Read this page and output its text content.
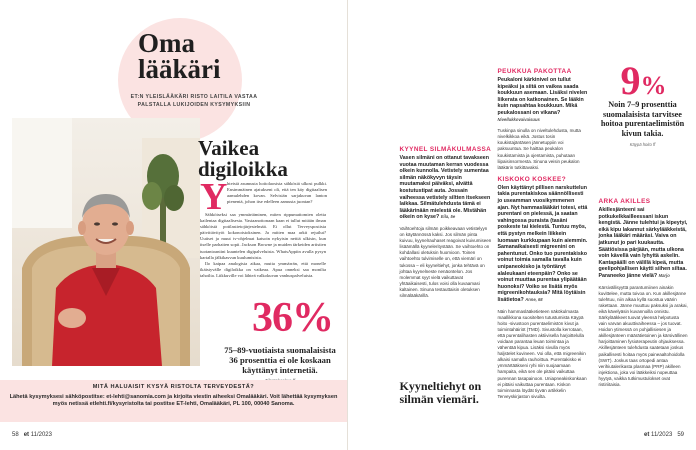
Oma
lääkäri
ET:N YLEISLÄÄKÄRI RISTO LAITILA VASTAA PALSTALLA LUKIJOIDEN KYSYMYKSIIN
Vaikea
digiloikka
Y hteistä asumusta hoitolaosista sähkösiä ulkosi pulkki. Ensimmäinen ajatukseni oli, että ten käy digitaalisen aamulehden kovan. Selvisiän sarjakuvan lanton pienentä, johon itse edelleen aamusta juontan?
Sähköiseksi saa ymmärtäminen, miten rippumattomien oletta kailentaa digitaalisesta. Vastaanottonaan kaan ei tullut mitään ilman sähköistä potilastietojärjestelmää. Ei ollut Terveyspostista päivittävityöt kokonoistoksinen. Ja mitten maa arkit rejuilut? Uutiset ja muut tv-ohjelmat katsoin nykyisin nettiä ulkisin, kun itselle parhaiten sopii. Jackson Browne ja muiden tärkeiden artistien tuotantoaniini kuuntelen digipalveluista. WhatsAppiin avulla pysyn kartalla jälkikasvun kuulumisista.
Ilo kaipaa analogisia aikaa, mutta ymmärrän, että monelle ikäistyvälle digiloikka on vaikeaa. Apua onneksi saa monilta tahoilta. Liikkuville voi lähteä valkokuvan vanhuspalveluista.
36%
75–89-vuotiaista suomalaisista 36 prosenttia ei ole koskaan käyttänyt internetiä.
MITÄ HALUAISIT KYSYÄ RISTOLTA TERVEYDESTÄ?
Lähetä kysymyksesi sähköpostitse: et-lehti@sanomia.com ja kirjoita viestin aiheeksi Omalääkäri. Voit lähettää kysymyksen myös netissä etlehti.fi/kysyristolta tai postitse ET-lehti, Omalääkäri, PL 100, 00040 Sanoma.
58 et 11/2023
PEUKKUA PAKOTTAA
Peukaloni kärkinivel on tullut kipeäksi ja siitä on vaikea saada koukkuun asemaan. Lisäksi nivelen liikerata on katkonainen. Se lääkin kuin napsahtaa koukkuun. Mikä peukalossani on vikana? Nivellukkovaivaisuus
Tuskinpa sinulla on niveltulehdusta, mutta nivelkikkoa eikä. Jostus tosin koukistajäntäsen jännetuppiin voi paksuuntua. Se haittaa peukalon koukistamista ja ojentamista, puhutaan liipaisinsormesta. Sinuna veisin peukalon lääkärin tutkittavaksi.
KISKOKO KOSKEE?
Olen käyttänyt pillisen narskuttelun takia purentakiskoa säännöllisesti jo useamman vuosikymmenen ajan. Nyt hammaslääkäri totesi, että purentani on pielessä, ja saatan vahingossa puraista (tasäni poskeste tai kielestä. Tuntuu myös, että pystyn melkein liikkein luomaan kurkkupaan kuin aiemmin. Samanaikaisesti migreenini on pahentunut. Onko tuo purentakisko voinut toimia samalla tavalla kuin unipaneokisko ja työntänyt alaleukaani eteenpäin? Onko se voinut muuttaa purentaa ylipäätään huonoksi? Voiko se lisätä myös migreenikohtauksia? Mitä löytäisin lisätietoa? Anne, 68
Näin hammaslääketieteen näkökulmasta maallikkona suositelten tutustumista Käypä hoito -sivustoon purentaelimistön kivut ja toimintahäiriöt (TMD). Sivustolla kerrotaan, että purentalihasten aktiivisella harjoittelulla voidaan parantaa leuan toimintaa ja vähentää kipua. Lisäksi sivulla myös haljstelet kuvineen. Voi olla, että migreenikin alkaisi samalla rauhoittua. Purentakisko ei ymmärtääkseni ryhi niin suojaamaan hampaita, eikä sen ole pitäisi vaikuttaa purennan tasapainoon. Uniapneakiskonkaan ei pitäisi vaikuttaa purentaan. Kiskon toiminnasta löydät tiyvän artikkelin Terveyskirjaston sivuilta.
KYYNEL SILMÄKULMASSA
Vasen silmäni on ottanut tavakseen vuotaa muutaman kerran vuodessa olkein kunnolla. Vetistely sumentaa silmän näkökyvyn täysin muutamaksi päiväksi, alvättä kostutustipat auta. Jossain vaiheessa vetistely siltten itsekseen laikkaa. Silmätulehdusta tämä ei lääkärinään mielestä ole. Mistähän oikein on kyse? Eila, 5e
Vaihtoehtoja silmän poikkeavaan vetistelyyn on käytännössä kaksi. Jos silmän pinta kuivuu, kyynelrauhaset reagoivat kuivumiseen lisäämällä kyyneleritystään. Se vaihtoehto on kohdallasi oletuksin huomioon. Toinen vaihtoehto tulvimiselle on, että viemäri on tukossa – eli kyyneltiehyt, jonka tehtävä on johtaa kyynelneste nenäontelon. Jos molemmat syyt vielä vaikuttavat yhtäaikaisesti, tulos voisi olla kuvaamasi kaltainen. Sinuna testauttaisin oletuksen silmälääkärillä.
Kyyneltiehyt on silmän viemäri.
9%
Noin 7–9 prosenttia suomalaisista tarvitsee hoitoa purentaelimistön kivun takia.
Käypä hoito ff
ARKA AKILLES
Akillesjänteeni sai potkukelkkailleessani iskun kengistä. Jänne tulehtui ja kipeytyi, eikä kipu lakannut särkylääkkeistä, jonka lääkäri määräsi. Vaiva on jatkunut jo pari kuukautta. Säätiösissa pärjään, mutta ulkona voin kävellä vain lyhyitä askelin. Kantapäälli on välillä kipeä, mutta geelipohjallisen käytti siihen siltaa. Paraneeko jänne vielä? Marjo
Kärsivällisyyttä parantumiinen ainakin kuvittelee, mutta toivoa on. Kun akillesjänne tulehtuu, niin alkaa kyllä suostua väärin rakettaan. Jänne muuttuu paksuksi ja arakai, eikä kävelyäsin kuvannoilla onnistu. Särkylääkkeet tuovat yleensä helpotusta vain varvan akuuttivaiheessa – jos tuovat. Hoidon ytimessä on pohjallisiesen ja akillesjänteen määrätietoinen ja kärsivällinen harjoittaminen fysioterapeutin ohjauksessa. Akillesjänteen tulehdusta saatetaan joskus paikallisesti hoitaa myös paineaaltohoidolla (SWT). Joskus taas ortopedi antaa verihiutalerikasta plasmaa (PRP) akilleen injektiona, joka voi lääkkeiksi nopeuttaa hyytyä, vaikka tutkimustulokset ovat ristiriitaisia.
et 11/2023 59
